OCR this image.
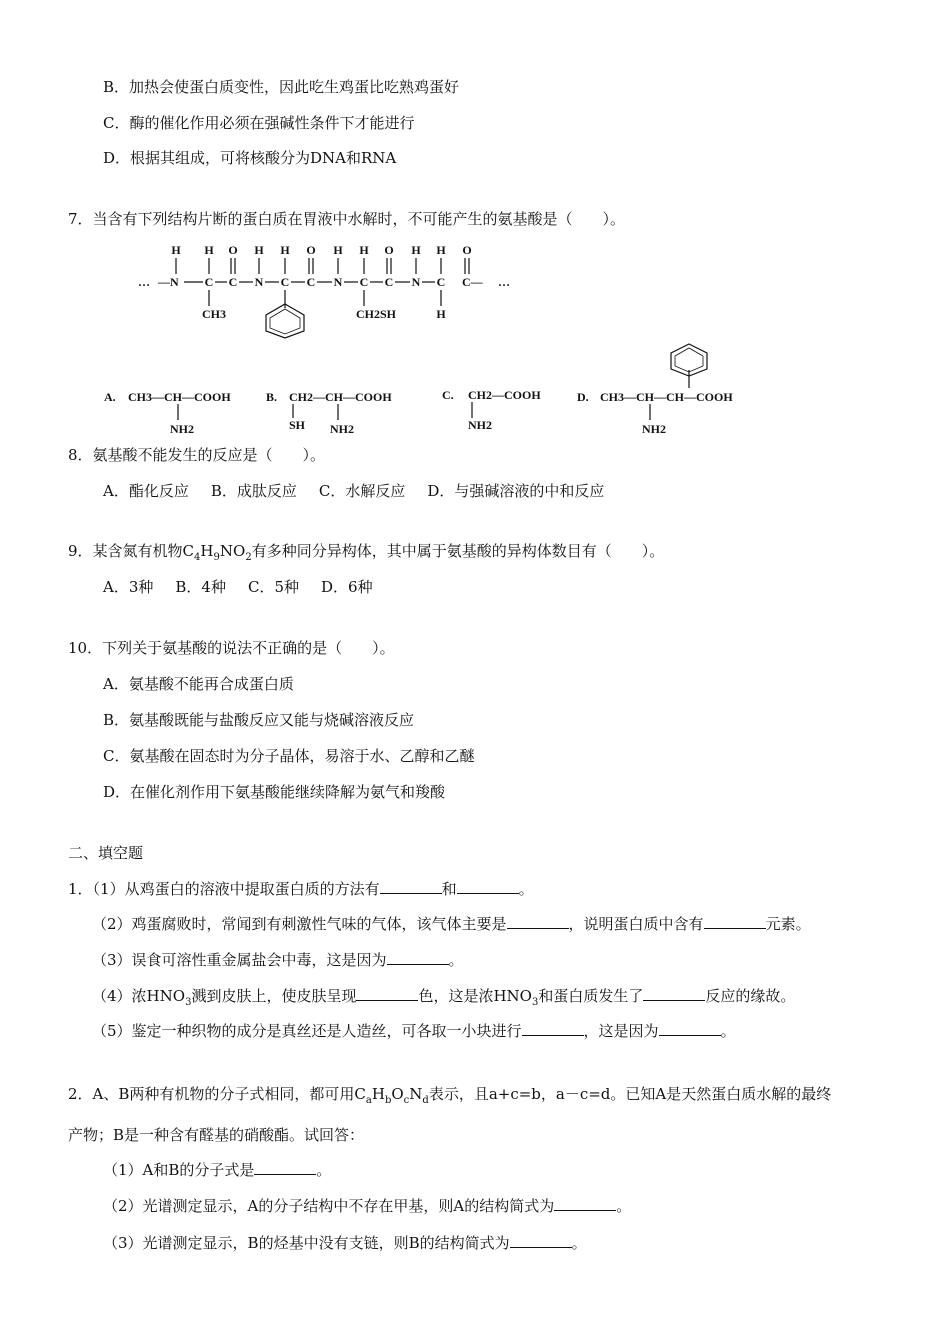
B．加热会使蛋白质变性，因此吃生鸡蛋比吃熟鸡蛋好
C．酶的催化作用必须在强碱性条件下才能进行
D．根据其组成，可将核酸分为DNA和RNA
7．当含有下列结构片断的蛋白质在胃液中水解时，不可能产生的氨基酸是（　　）。
H H O H H O H H O H H O
… —N C C N C C N C C N C C— …
CH3	CH2SH	H
A. CH3—CH—COOH
NH2
B. CH2—CH—COOH
SH NH2
C. CH2—COOH
NH2
D. CH3—CH—CH—COOH
NH2
8．氨基酸不能发生的反应是（　　）。
A．酯化反应 B．成肽反应 C．水解反应 D．与强碱溶液的中和反应
9．某含氮有机物$C_4H_9NO_2$有多种同分异构体，其中属于氨基酸的异构体数目有（　　）。
A．3种 B．4种 C．5种 D．6种
10．下列关于氨基酸的说法不正确的是（　　）。
A．氨基酸不能再合成蛋白质
B．氨基酸既能与盐酸反应又能与烧碱溶液反应
C．氨基酸在固态时为分子晶体，易溶于水、乙醇和乙醚
D．在催化剂作用下氨基酸能继续降解为氨气和羧酸
二、填空题
1．（1）从鸡蛋白的溶液中提取蛋白质的方法有	和	。
（2）鸡蛋腐败时，常闻到有刺激性气味的气体，该气体主要是	，说明蛋白质中含有	元素。
（3）误食可溶性重金属盐会中毒，这是因为	。
（4）浓$HNO_3$溅到皮肤上，使皮肤呈现	色，这是浓$HNO_3$和蛋白质发生了	反应的缘故。
（5）鉴定一种织物的成分是真丝还是人造丝，可各取一小块进行	，这是因为	。
2．A、B两种有机物的分子式相同，都可用$C_aH_bO_cN_d$表示，且a+c=b，a－c=d。已知A是天然蛋白质水解的最终
产物；B是一种含有醛基的硝酸酯。试回答：
（1）A和B的分子式是	。
（2）光谱测定显示，A的分子结构中不存在甲基，则A的结构简式为	。
（3）光谱测定显示，B的烃基中没有支链，则B的结构简式为	。
